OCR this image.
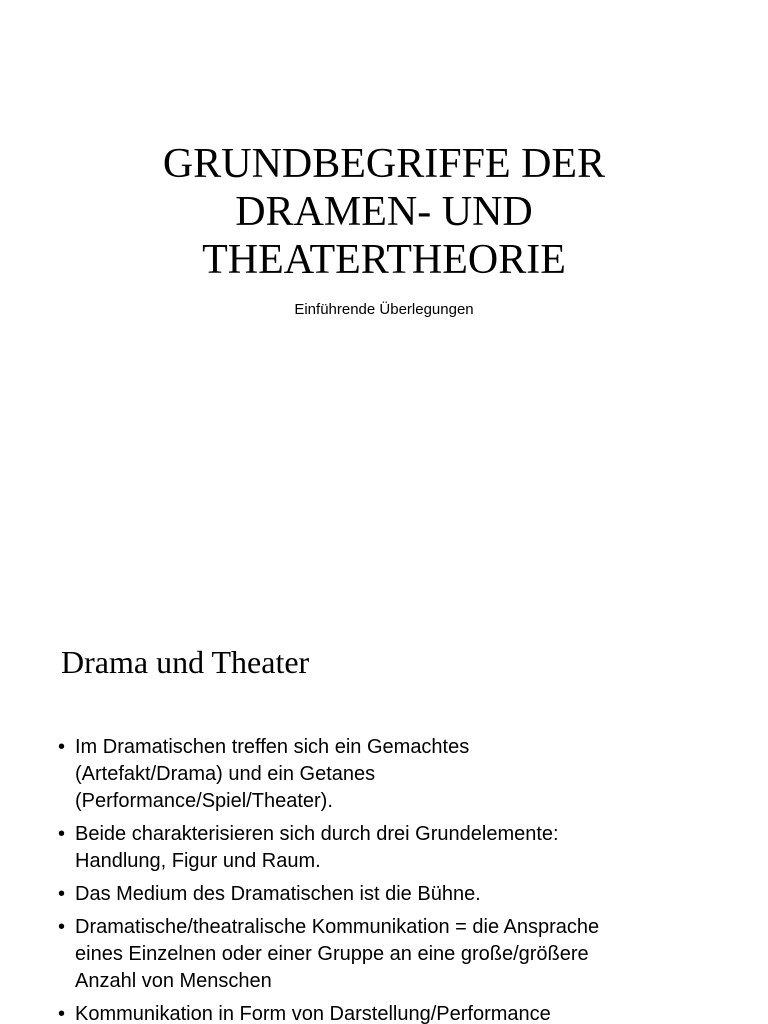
GRUNDBEGRIFFE DER
DRAMEN- UND
THEATERTHEORIE

Einführende Überlegungen

Drama und Theater
• Im Dramatischen treffen sich ein Gemachtes
(Artefakt/Drama) und ein Getanes
(Performance/Spiel/Theater).
• Beide charakterisieren sich durch drei Grundelemente:
Handlung, Figur und Raum.
• Das Medium des Dramatischen ist die Bühne.
• Dramatische/theatralische Kommunikation = die Ansprache
eines Einzelnen oder einer Gruppe an eine große/größere
Anzahl von Menschen
• Kommunikation in Form von Darstellung/Performance
